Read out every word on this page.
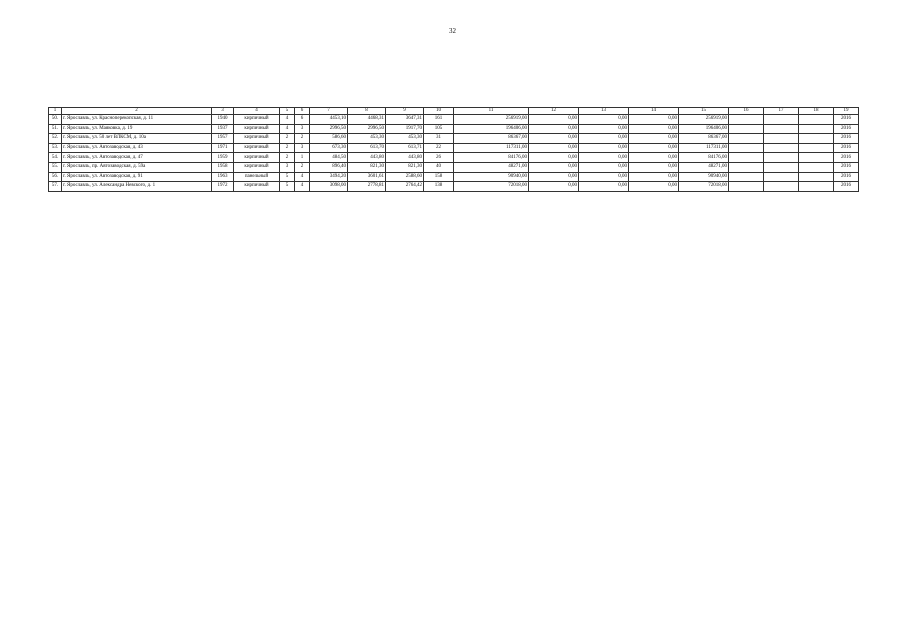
32
1	2	3	4	5	6	7	8	9	10	11	12	13	14	15	16	17	18	19
50.	г. Ярославль, ул. Красноперекопская, д. 11	1940	кирпичный	4	6	4453,10	4468,31	3647,31	161	256919,00	0,00	0,00	0,00	256919,00				2016
51.	г. Ярославль, ул. Маяковка, д. 19	1937	кирпичный	4	3	2996,50	2996,50	1917,70	105	196406,00	0,00	0,00	0,00	196406,00				2016
52.	г. Ярославль, ул. 50 лет ВЛКСМ, д. 10а	1957	кирпичный	2	2	586,60	453,30	453,30	31	86367,00	0,00	0,00	0,00	86367,00				2016
53.	г. Ярославль, ул. Автозаводская, д. 43	1971	кирпичный	2	3	673,30	613,70	613,71	22	117311,00	0,00	0,00	0,00	117311,00				2016
54.	г. Ярославль, ул. Автозаводская, д. 47	1959	кирпичный	2	1	484,50	443,80	443,80	26	84176,00	0,00	0,00	0,00	84176,00				2016
55.	г. Ярославль, пр. Автозаводская, д. 59а	1958	кирпичный	3	2	896,40	821,30	821,30	40	48271,00	0,00	0,00	0,00	48271,00				2016
56.	г. Ярославль, ул. Автозаводская, д. 91	1963	панельный	5	4	3494,20	3601,61	2588,60	158	90940,00	0,00	0,00	0,00	90940,00				2016
57.	г. Ярославль, ул. Александра Невского, д. 1	1972	кирпичный	5	4	3098,00	2778,81	2764,42	138	72018,00	0,00	0,00	0,00	72018,00				2016
